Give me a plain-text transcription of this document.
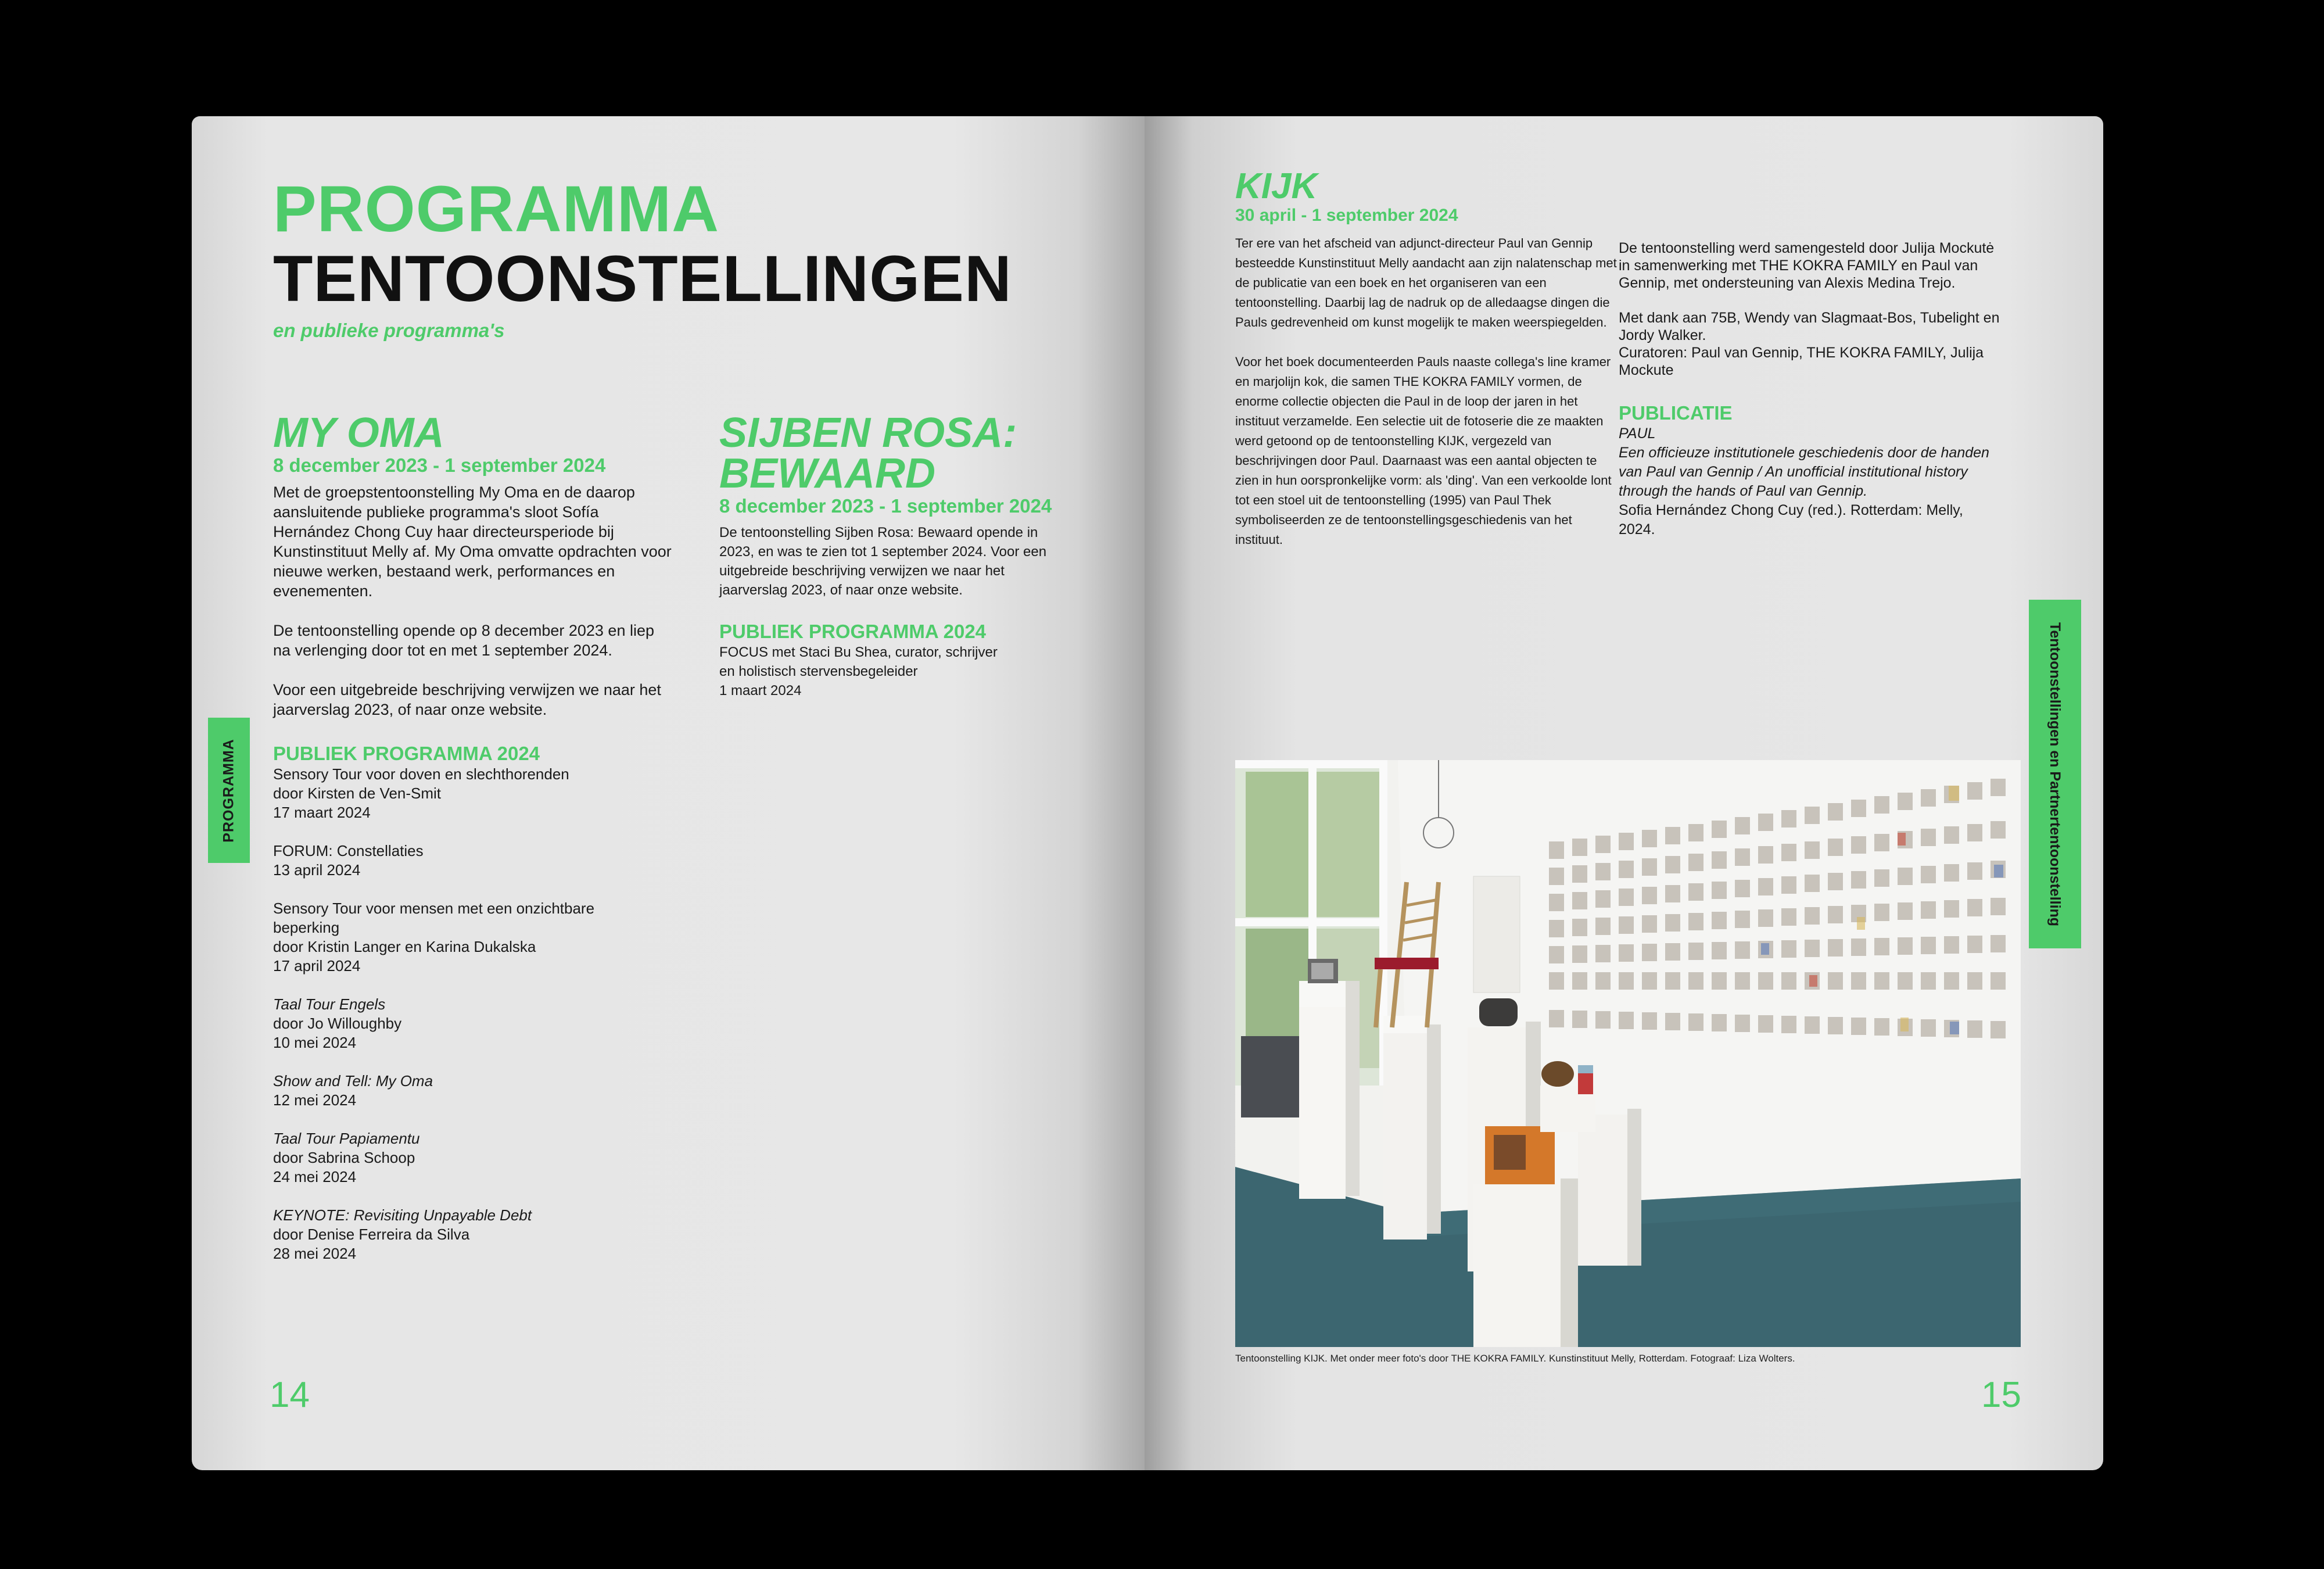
PROGRAMMA
TENTOONSTELLINGEN
en publieke programma's
MY OMA
8 december 2023 - 1 september 2024
Met de groepstentoonstelling My Oma en de daarop aansluitende publieke programma's sloot Sofía Hernández Chong Cuy haar directeursperiode bij Kunstinstituut Melly af. My Oma omvatte opdrachten voor nieuwe werken, bestaand werk, performances en evenementen.
De tentoonstelling opende op 8 december 2023 en liep na verlenging door tot en met 1 september 2024.
Voor een uitgebreide beschrijving verwijzen we naar het jaarverslag 2023, of naar onze website.
PUBLIEK PROGRAMMA 2024
Sensory Tour voor doven en slechthorenden
door Kirsten de Ven-Smit
17 maart 2024
FORUM: Constellaties
13 april 2024
Sensory Tour voor mensen met een onzichtbare beperking
door Kristin Langer en Karina Dukalska
17 april 2024
Taal Tour Engels
door Jo Willoughby
10 mei 2024
Show and Tell: My Oma
12 mei 2024
Taal Tour Papiamentu
door Sabrina Schoop
24 mei 2024
KEYNOTE: Revisiting Unpayable Debt
door Denise Ferreira da Silva
28 mei 2024
SIJBEN ROSA:
BEWAARD
8 december 2023 - 1 september 2024
De tentoonstelling Sijben Rosa: Bewaard opende in 2023, en was te zien tot 1 september 2024. Voor een uitgebreide beschrijving verwijzen we naar het jaarverslag 2023, of naar onze website.
PUBLIEK PROGRAMMA 2024
FOCUS met Staci Bu Shea, curator, schrijver
en holistisch stervensbegeleider
1 maart 2024
PROGRAMMA
14
KIJK
30 april - 1 september 2024
Ter ere van het afscheid van adjunct-directeur Paul van Gennip besteedde Kunstinstituut Melly aandacht aan zijn nalatenschap met de publicatie van een boek en het organiseren van een tentoonstelling. Daarbij lag de nadruk op de alledaagse dingen die Pauls gedrevenheid om kunst mogelijk te maken weerspiegelden.
Voor het boek documenteerden Pauls naaste collega's line kramer en marjolijn kok, die samen THE KOKRA FAMILY vormen, de enorme collectie objecten die Paul in de loop der jaren in het instituut verzamelde. Een selectie uit de fotoserie die ze maakten werd getoond op de tentoonstelling KIJK, vergezeld van beschrijvingen door Paul. Daarnaast was een aantal objecten te zien in hun oorspronkelijke vorm: als 'ding'. Van een verkoolde lont tot een stoel uit de tentoonstelling (1995) van Paul Thek symboliseerden ze de tentoonstellingsgeschiedenis van het instituut.
De tentoonstelling werd samengesteld door Julija Mockutė in samenwerking met THE KOKRA FAMILY en Paul van Gennip, met ondersteuning van Alexis Medina Trejo.
Met dank aan 75B, Wendy van Slagmaat-Bos, Tubelight en Jordy Walker.
Curatoren: Paul van Gennip, THE KOKRA FAMILY, Julija Mockute
PUBLICATIE
PAUL
Een officieuze institutionele geschiedenis door de handen van Paul van Gennip / An unofficial institutional history through the hands of Paul van Gennip.
Sofia Hernández Chong Cuy (red.). Rotterdam: Melly, 2024.
Tentoonstelling KIJK. Met onder meer foto's door THE KOKRA FAMILY. Kunstinstituut Melly, Rotterdam. Fotograaf: Liza Wolters.
Tentoonstellingen en Partnertentoonstelling
15
